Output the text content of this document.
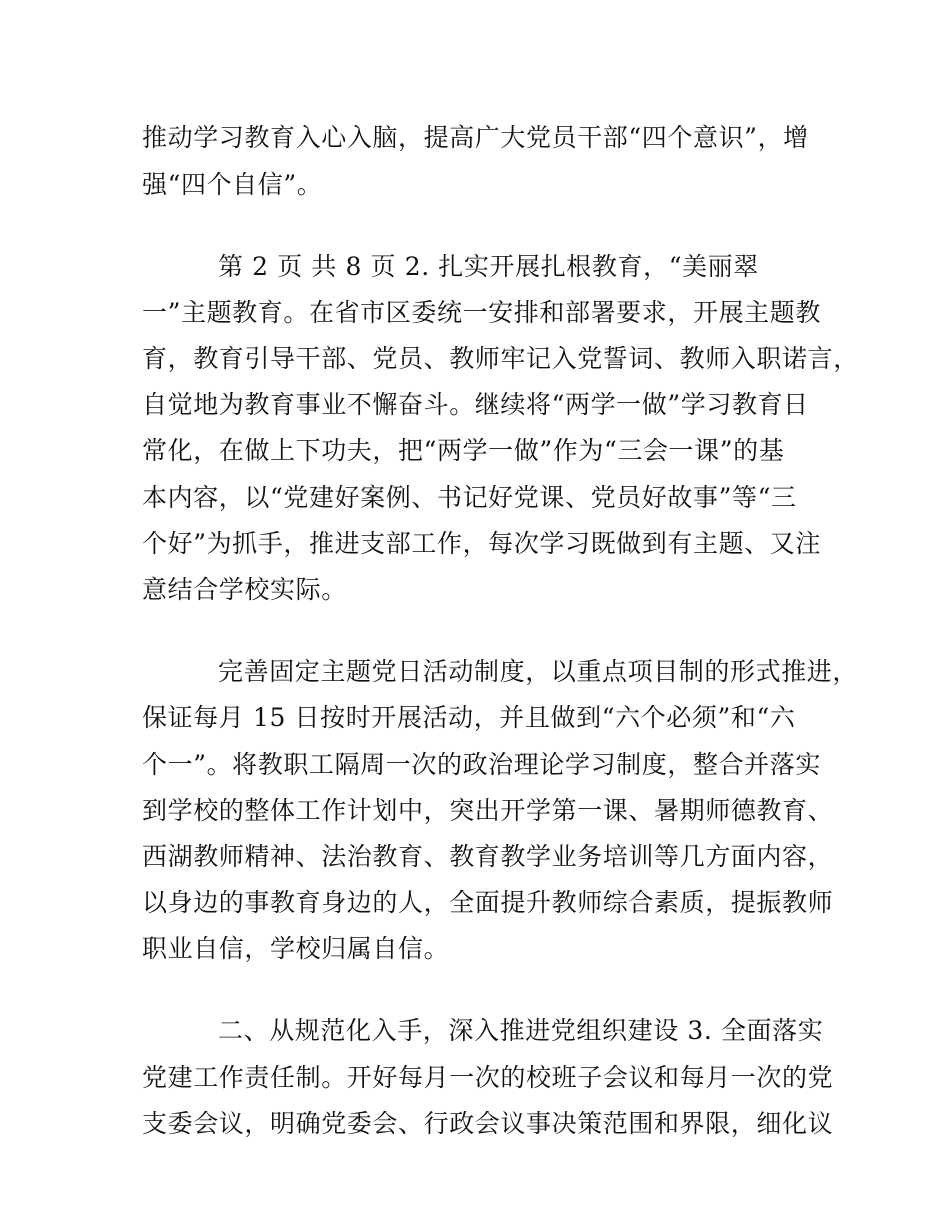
推动学习教育入心入脑，提高广大党员干部“四个意识”，增
强“四个自信”。
第 2 页 共 8 页 2. 扎实开展扎根教育，“美丽翠
一”主题教育。在省市区委统一安排和部署要求，开展主题教
育，教育引导干部、党员、教师牢记入党誓词、教师入职诺言，
自觉地为教育事业不懈奋斗。继续将“两学一做”学习教育日
常化，在做上下功夫，把“两学一做”作为“三会一课”的基
本内容，以“党建好案例、书记好党课、党员好故事”等“三
个好”为抓手，推进支部工作，每次学习既做到有主题、又注
意结合学校实际。
完善固定主题党日活动制度，以重点项目制的形式推进，
保证每月 15 日按时开展活动，并且做到“六个必须”和“六
个一”。将教职工隔周一次的政治理论学习制度，整合并落实
到学校的整体工作计划中，突出开学第一课、暑期师德教育、
西湖教师精神、法治教育、教育教学业务培训等几方面内容，
以身边的事教育身边的人，全面提升教师综合素质，提振教师
职业自信，学校归属自信。
二、从规范化入手，深入推进党组织建设 3. 全面落实
党建工作责任制。开好每月一次的校班子会议和每月一次的党
支委会议，明确党委会、行政会议事决策范围和界限，细化议
